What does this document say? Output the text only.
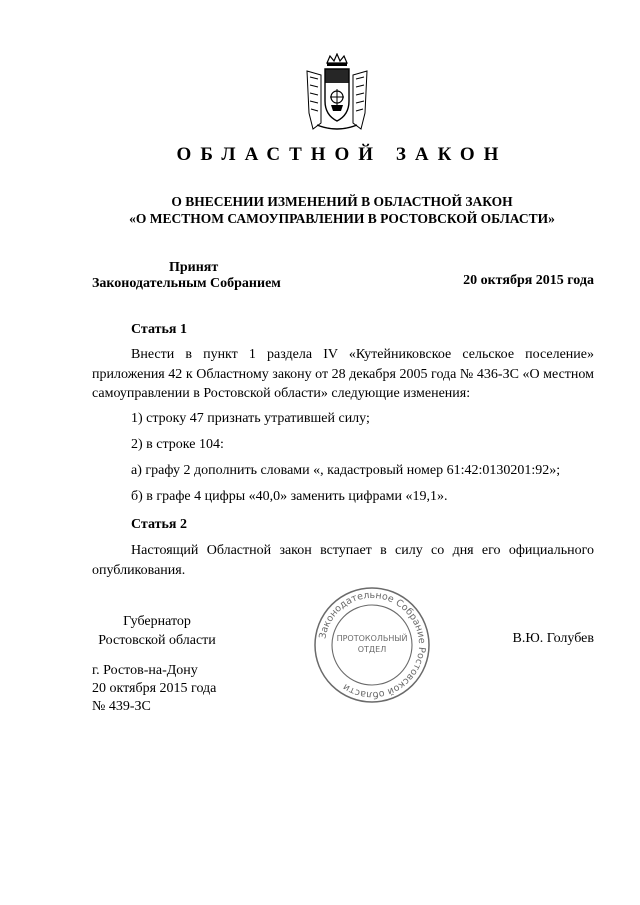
ОБЛАСТНОЙ ЗАКОН
О ВНЕСЕНИИ ИЗМЕНЕНИЙ В ОБЛАСТНОЙ ЗАКОН
«О МЕСТНОМ САМОУПРАВЛЕНИИ В РОСТОВСКОЙ ОБЛАСТИ»
Принят
Законодательным Собранием	20 октября 2015 года
Статья 1
Внести в пункт 1 раздела IV «Кутейниковское сельское поселение» приложения 42 к Областному закону от 28 декабря 2005 года № 436-ЗС «О местном самоуправлении в Ростовской области» следующие изменения:
1) строку 47 признать утратившей силу;
2) в строке 104:
а) графу 2 дополнить словами «, кадастровый номер 61:42:0130201:92»;
б) в графе 4 цифры «40,0» заменить цифрами «19,1».
Статья 2
Настоящий Областной закон вступает в силу со дня его официального опубликования.
Губернатор
Ростовской области	В.Ю. Голубев
г. Ростов-на-Дону
20 октября 2015 года
№ 439-ЗС
Законодательное Собрание Ростовской области
ПРОТОКОЛЬНЫЙ
ОТДЕЛ
